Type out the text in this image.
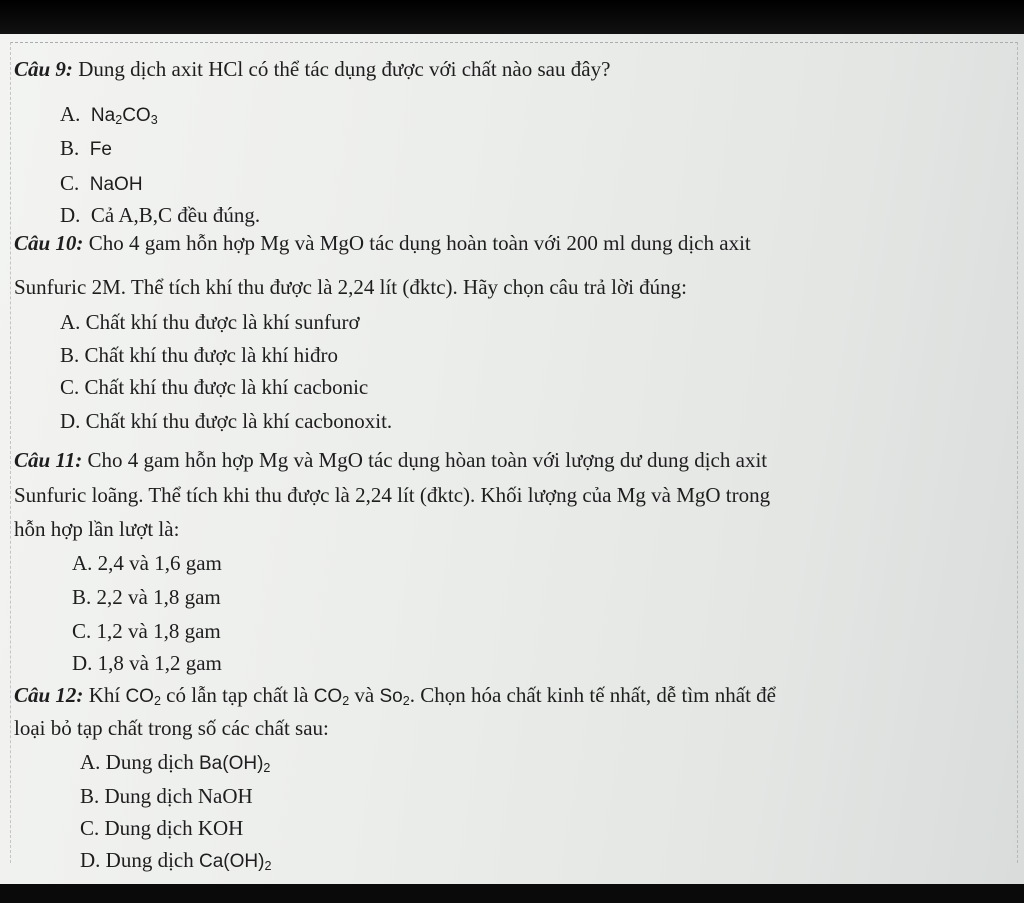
Câu 9: Dung dịch axit HCl có thể tác dụng được với chất nào sau đây?
A. $Na_2CO_3$
B. Fe
C. NaOH
D. Cả A,B,C đều đúng.
Câu 10: Cho 4 gam hỗn hợp Mg và MgO tác dụng hoàn toàn với 200 ml dung dịch axit
Sunfuric 2M. Thể tích khí thu được là 2,24 lít (đktc). Hãy chọn câu trả lời đúng:
A. Chất khí thu được là khí sunfurơ
B. Chất khí thu được là khí hiđro
C. Chất khí thu được là khí cacbonic
D. Chất khí thu được là khí cacbonoxit.
Câu 11: Cho 4 gam hỗn hợp Mg và MgO tác dụng hòan toàn với lượng dư dung dịch axit
Sunfuric loãng. Thể tích khi thu được là 2,24 lít (đktc). Khối lượng của Mg và MgO trong
hỗn hợp lần lượt là:
A. 2,4 và 1,6 gam
B. 2,2 và 1,8 gam
C. 1,2 và 1,8 gam
D. 1,8 và 1,2 gam
Câu 12: Khí $CO_2$ có lẫn tạp chất là $CO_2$ và $So_2$. Chọn hóa chất kinh tế nhất, dễ tìm nhất để
loại bỏ tạp chất trong số các chất sau:
A. Dung dịch $Ba(OH)_2$
B. Dung dịch NaOH
C. Dung dịch KOH
D. Dung dịch $Ca(OH)_2$
